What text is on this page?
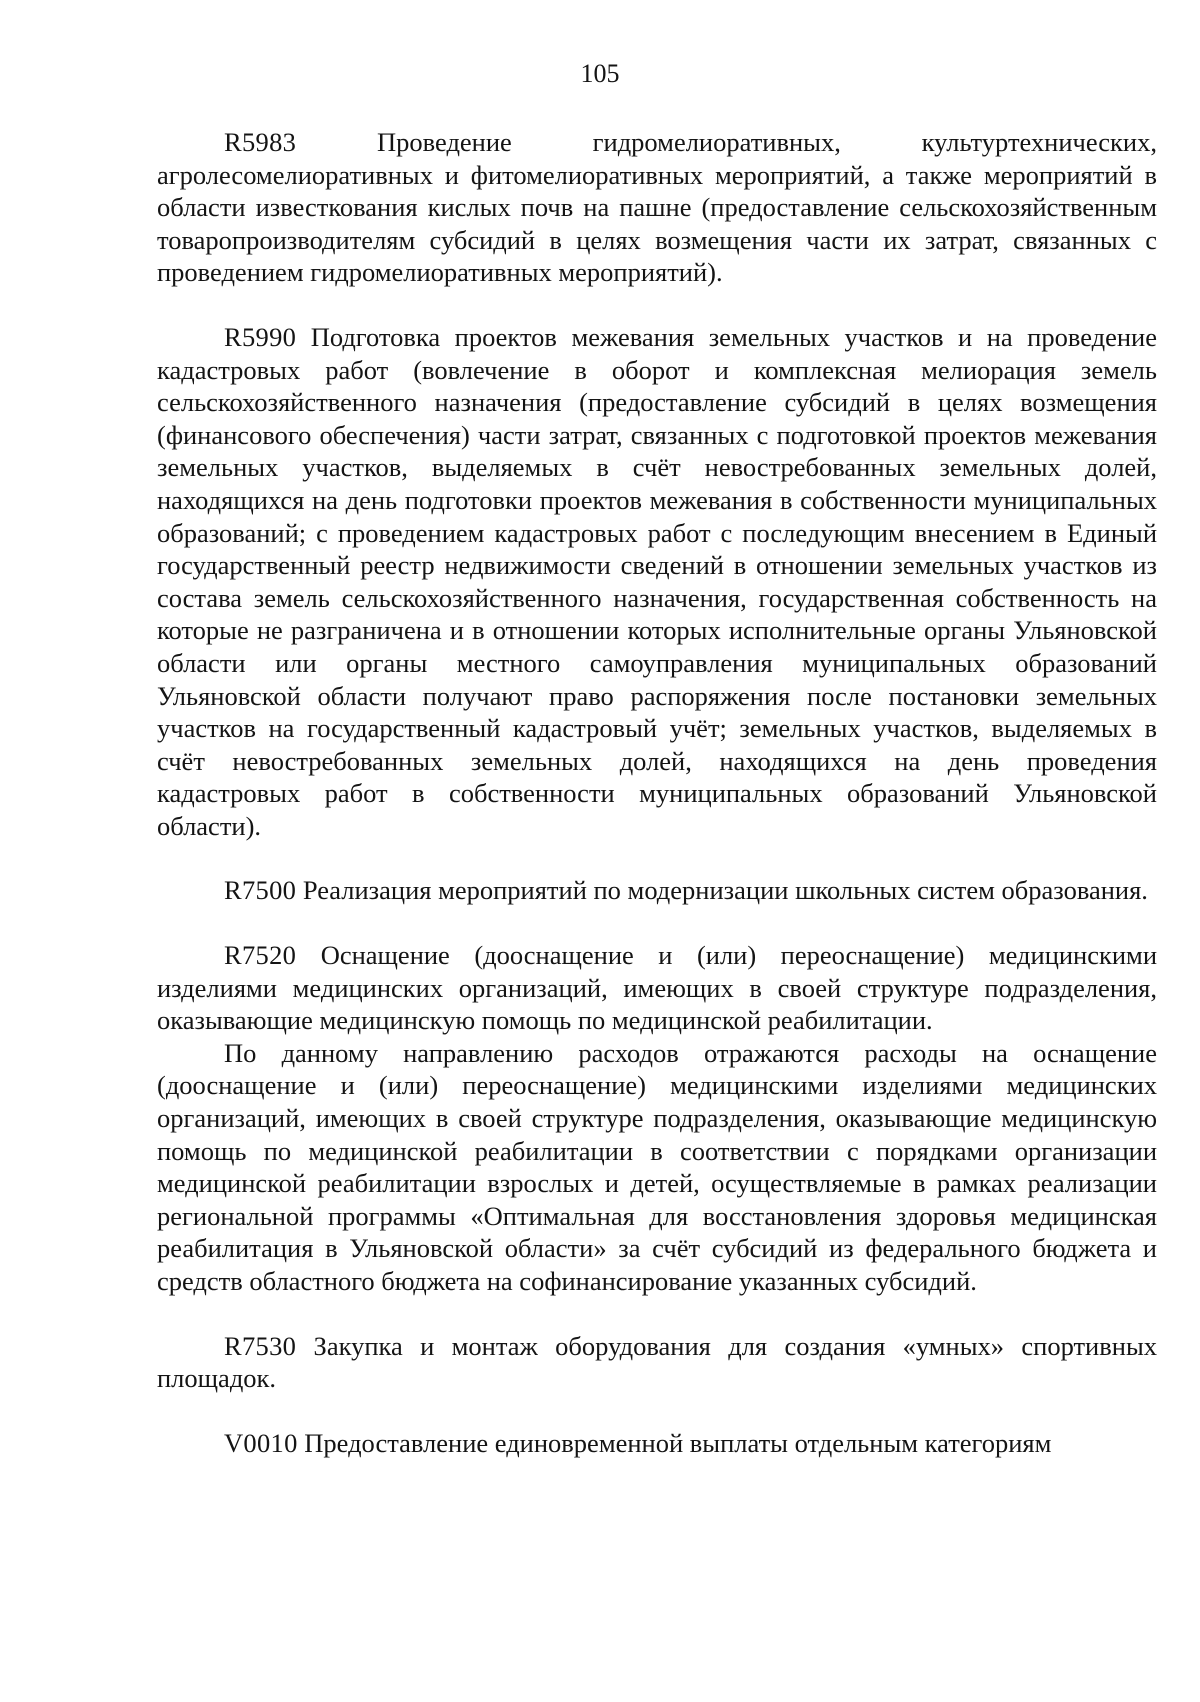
105

R5983	Проведение гидромелиоративных, культуртехнических, агролесомелиоративных и фитомелиоративных мероприятий, а также мероприятий в области известкования кислых почв на пашне (предоставление сельскохозяйственным товаропроизводителям субсидий в целях возмещения части их затрат, связанных с проведением гидромелиоративных мероприятий).

R5990 Подготовка проектов межевания земельных участков и на проведение кадастровых работ (вовлечение в оборот и комплексная мелиорация земель сельскохозяйственного назначения (предоставление субсидий в целях возмещения (финансового обеспечения) части затрат, связанных с подготовкой проектов межевания земельных участков, выделяемых в счёт невостребованных земельных долей, находящихся на день подготовки проектов межевания в собственности муниципальных образований; с проведением кадастровых работ с последующим внесением в Единый государственный реестр недвижимости сведений в отношении земельных участков из состава земель сельскохозяйственного назначения, государственная собственность на которые не разграничена и в отношении которых исполнительные органы Ульяновской области или органы местного самоуправления муниципальных образований Ульяновской области получают право распоряжения после постановки земельных участков на государственный кадастровый учёт; земельных участков, выделяемых в счёт невостребованных земельных долей, находящихся на день проведения кадастровых работ в собственности муниципальных образований Ульяновской области).

R7500 Реализация мероприятий по модернизации школьных систем образования.

R7520 Оснащение (дооснащение и (или) переоснащение) медицинскими изделиями медицинских организаций, имеющих в своей структуре подразделения, оказывающие медицинскую помощь по медицинской реабилитации.

По данному направлению расходов отражаются расходы на оснащение (дооснащение и (или) переоснащение) медицинскими изделиями медицинских организаций, имеющих в своей структуре подразделения, оказывающие медицинскую помощь по медицинской реабилитации в соответствии с порядками организации медицинской реабилитации взрослых и детей, осуществляемые в рамках реализации региональной программы «Оптимальная для восстановления здоровья медицинская реабилитация в Ульяновской области» за счёт субсидий из федерального бюджета и средств областного бюджета на софинансирование указанных субсидий.

R7530 Закупка и монтаж оборудования для создания «умных» спортивных площадок.

V0010 Предоставление единовременной выплаты отдельным категориям
